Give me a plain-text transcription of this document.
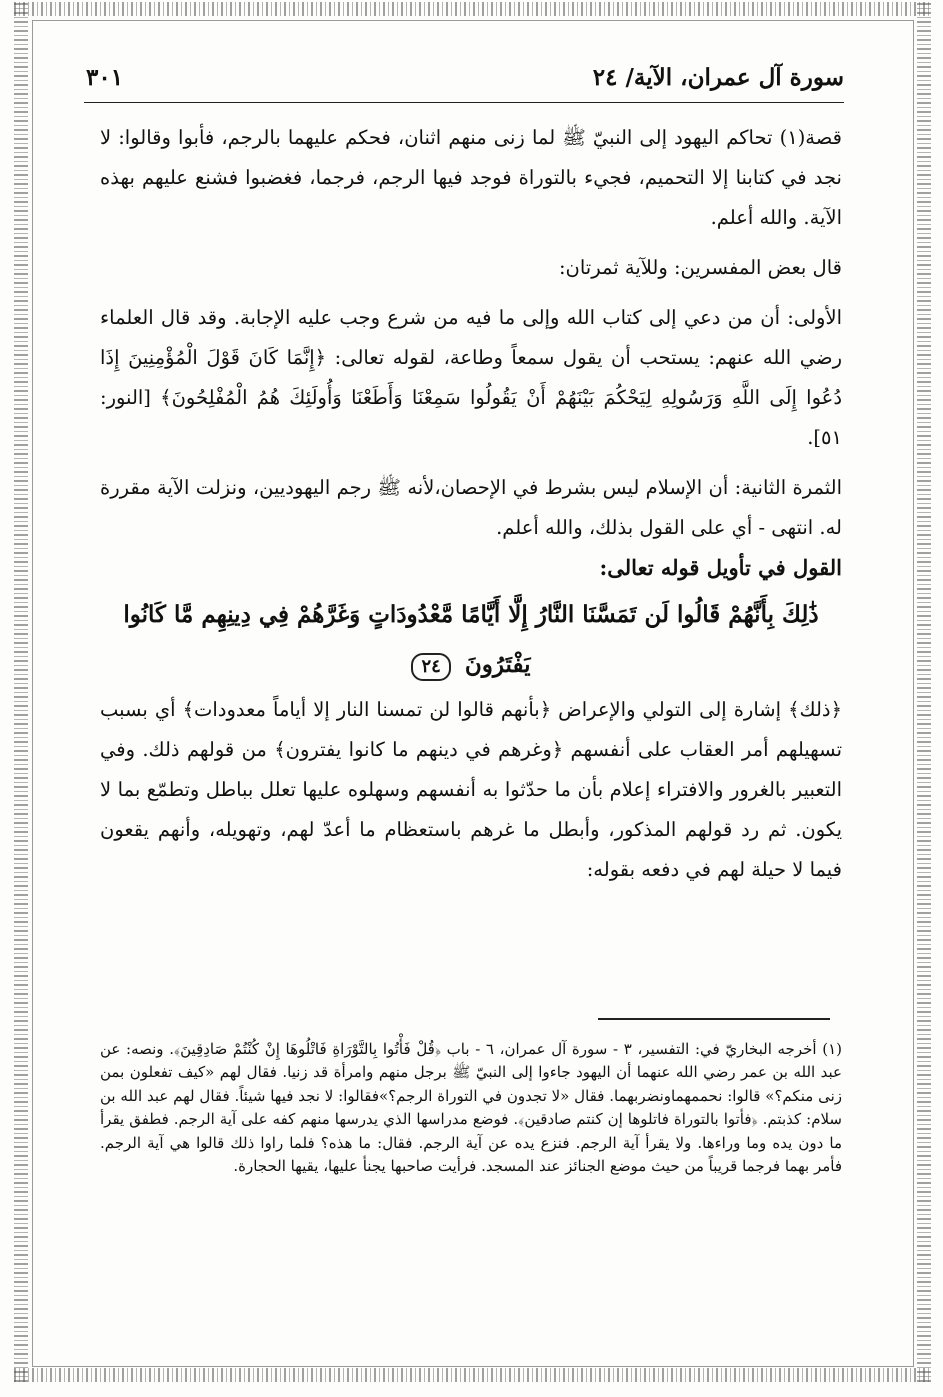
سورة آل عمران، الآية/ ٢٤
٣٠١

قصة(١) تحاكم اليهود إلى النبيّ ﷺ لما زنى منهم اثنان، فحكم عليهما بالرجم، فأبوا وقالوا: لا نجد في كتابنا إلا التحميم، فجيء بالتوراة فوجد فيها الرجم، فرجما، فغضبوا فشنع عليهم بهذه الآية. والله أعلم.

قال بعض المفسرين: وللآية ثمرتان:

الأولى: أن من دعي إلى كتاب الله وإلى ما فيه من شرع وجب عليه الإجابة. وقد قال العلماء رضي الله عنهم: يستحب أن يقول سمعاً وطاعة، لقوله تعالى: ﴿إِنَّمَا كَانَ قَوْلَ الْمُؤْمِنِينَ إِذَا دُعُوا إِلَى اللَّهِ وَرَسُولِهِ لِيَحْكُمَ بَيْنَهُمْ أَنْ يَقُولُوا سَمِعْنَا وَأَطَعْنَا وَأُولَئِكَ هُمُ الْمُفْلِحُونَ﴾ [النور: ٥١].

الثمرة الثانية: أن الإسلام ليس بشرط في الإحصان،لأنه ﷺ رجم اليهوديين، ونزلت الآية مقررة له. انتهى - أي على القول بذلك، والله أعلم.

القول في تأويل قوله تعالى:

ذَٰلِكَ بِأَنَّهُمْ قَالُوا لَن تَمَسَّنَا النَّارُ إِلَّا أَيَّامًا مَّعْدُودَاتٍ وَغَرَّهُمْ فِي دِينِهِم مَّا كَانُوا
يَفْتَرُونَ ٢٤

﴿ذلك﴾ إشارة إلى التولي والإعراض ﴿بأنهم قالوا لن تمسنا النار إلا أياماً معدودات﴾ أي بسبب تسهيلهم أمر العقاب على أنفسهم ﴿وغرهم في دينهم ما كانوا يفترون﴾ من قولهم ذلك. وفي التعبير بالغرور والافتراء إعلام بأن ما حدّثوا به أنفسهم وسهلوه عليها تعلل بباطل وتطمّع بما لا يكون. ثم رد قولهم المذكور، وأبطل ما غرهم باستعظام ما أعدّ لهم، وتهويله، وأنهم يقعون فيما لا حيلة لهم في دفعه بقوله:

(١) أخرجه البخاريّ في: التفسير، ٣ - سورة آل عمران، ٦ - باب ﴿قُلْ فَأْتُوا بِالتَّوْرَاةِ فَاتْلُوهَا إِنْ كُنْتُمْ صَادِقِينَ﴾. ونصه: عن عبد الله بن عمر رضي الله عنهما أن اليهود جاءوا إلى النبيّ ﷺ برجل منهم وامرأة قد زنيا. فقال لهم «كيف تفعلون بمن زنى منكم؟» قالوا: نحممهماونضربهما. فقال «لا تجدون في التوراة الرجم؟»فقالوا: لا نجد فيها شيئاً. فقال لهم عبد الله بن سلام: كذبتم. ﴿فأتوا بالتوراة فاتلوها إن كنتم صادقين﴾. فوضع مدراسها الذي يدرسها منهم كفه على آية الرجم. فطفق يقرأ ما دون يده وما وراءها. ولا يقرأ آية الرجم. فنزع يده عن آية الرجم. فقال: ما هذه؟ فلما راوا ذلك قالوا هي آية الرجم. فأمر بهما فرجما قريباً من حيث موضع الجنائز عند المسجد. فرأيت صاحبها يجنأ عليها، يقيها الحجارة.
